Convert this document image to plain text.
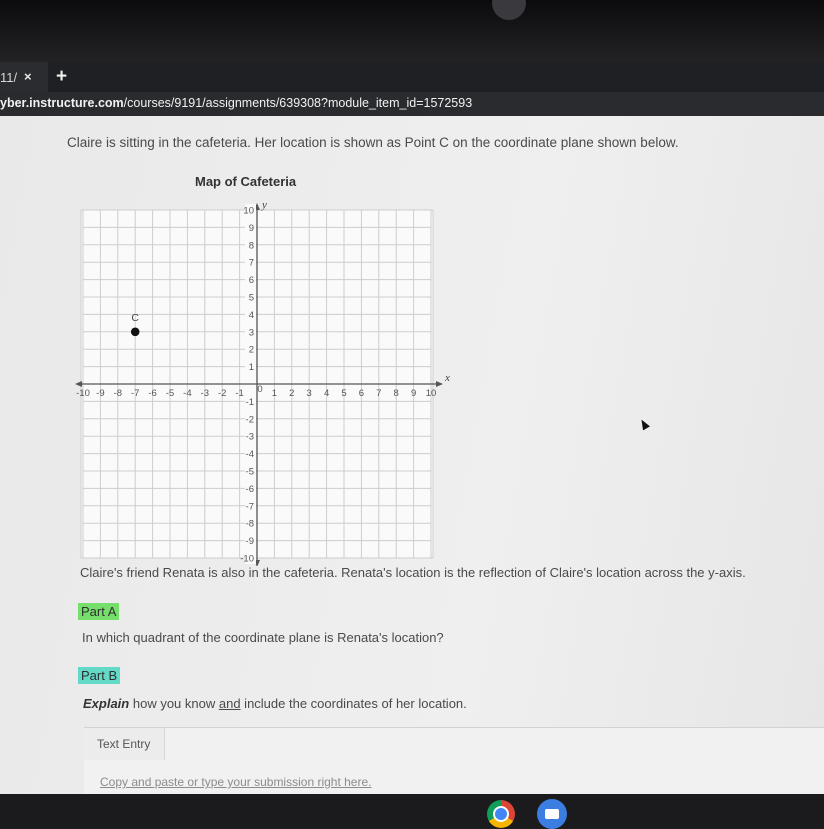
11/ × +
yber.instructure.com/courses/9191/assignments/639308?module_item_id=1572593
Claire is sitting in the cafeteria. Her location is shown as Point C on the coordinate plane shown below.
Map of Cafeteria
x
y
-10 -9 -8 -7 -6 -5 -4 -3 -2 -1 0 1 2 3 4 5 6 7 8 9 10
10
9
8
7
6
5
4
3
2
1
-1
-2
-3
-4
-5
-6
-7
-8
-9
-10
C
Claire's friend Renata is also in the cafeteria. Renata's location is the reflection of Claire's location across the y-axis.
Part A
In which quadrant of the coordinate plane is Renata's location?
Part B
Explain how you know and include the coordinates of her location.
Text Entry
Copy and paste or type your submission right here.
